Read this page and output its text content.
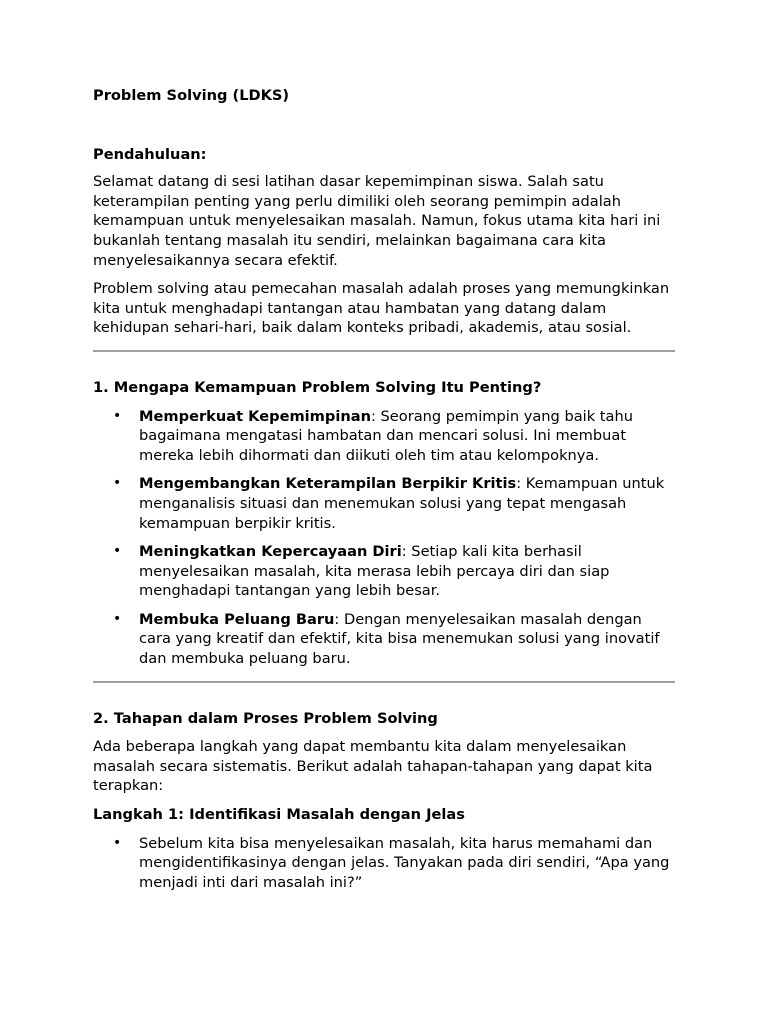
Problem Solving (LDKS)

Pendahuluan:

Selamat datang di sesi latihan dasar kepemimpinan siswa. Salah satu keterampilan penting yang perlu dimiliki oleh seorang pemimpin adalah kemampuan untuk menyelesaikan masalah. Namun, fokus utama kita hari ini bukanlah tentang masalah itu sendiri, melainkan bagaimana cara kita menyelesaikannya secara efektif.

Problem solving atau pemecahan masalah adalah proses yang memungkinkan kita untuk menghadapi tantangan atau hambatan yang datang dalam kehidupan sehari-hari, baik dalam konteks pribadi, akademis, atau sosial.

1. Mengapa Kemampuan Problem Solving Itu Penting?

• Memperkuat Kepemimpinan: Seorang pemimpin yang baik tahu bagaimana mengatasi hambatan dan mencari solusi. Ini membuat mereka lebih dihormati dan diikuti oleh tim atau kelompoknya.
• Mengembangkan Keterampilan Berpikir Kritis: Kemampuan untuk menganalisis situasi dan menemukan solusi yang tepat mengasah kemampuan berpikir kritis.
• Meningkatkan Kepercayaan Diri: Setiap kali kita berhasil menyelesaikan masalah, kita merasa lebih percaya diri dan siap menghadapi tantangan yang lebih besar.
• Membuka Peluang Baru: Dengan menyelesaikan masalah dengan cara yang kreatif dan efektif, kita bisa menemukan solusi yang inovatif dan membuka peluang baru.

2. Tahapan dalam Proses Problem Solving

Ada beberapa langkah yang dapat membantu kita dalam menyelesaikan masalah secara sistematis. Berikut adalah tahapan-tahapan yang dapat kita terapkan:

Langkah 1: Identifikasi Masalah dengan Jelas

• Sebelum kita bisa menyelesaikan masalah, kita harus memahami dan mengidentifikasinya dengan jelas. Tanyakan pada diri sendiri, “Apa yang menjadi inti dari masalah ini?”
